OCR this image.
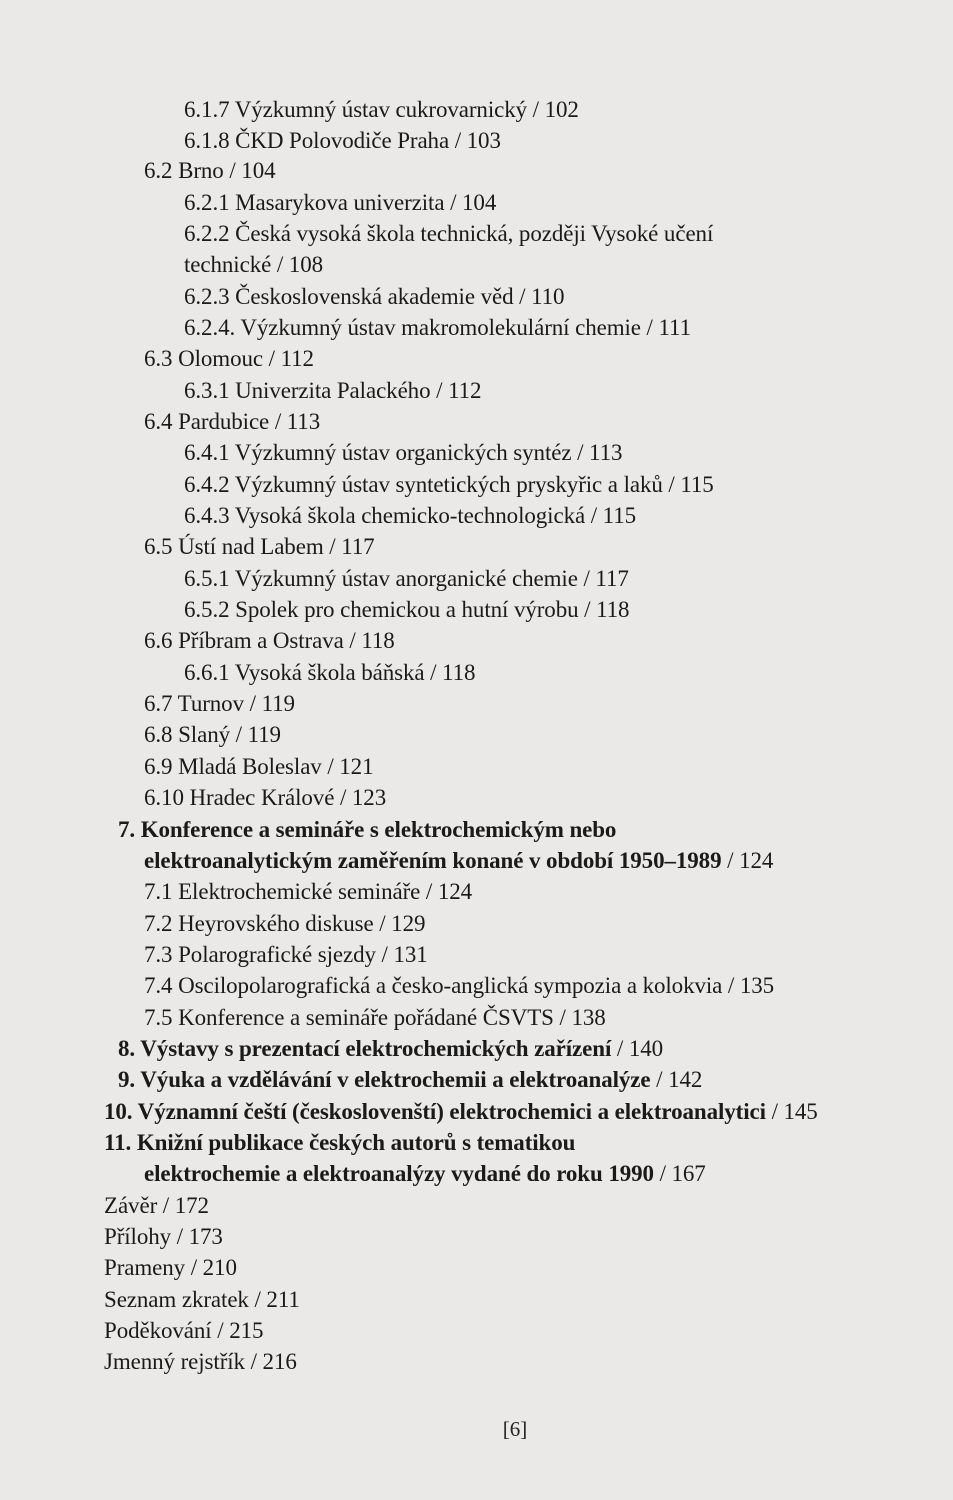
6.1.7 Výzkumný ústav cukrovarnický / 102
6.1.8 ČKD Polovodiče Praha / 103
6.2 Brno / 104
6.2.1 Masarykova univerzita / 104
6.2.2 Česká vysoká škola technická, později Vysoké učení
technické / 108
6.2.3 Československá akademie věd / 110
6.2.4. Výzkumný ústav makromolekulární chemie / 111
6.3 Olomouc / 112
6.3.1 Univerzita Palackého / 112
6.4 Pardubice / 113
6.4.1 Výzkumný ústav organických syntéz / 113
6.4.2 Výzkumný ústav syntetických pryskyřic a laků / 115
6.4.3 Vysoká škola chemicko-technologická / 115
6.5 Ústí nad Labem / 117
6.5.1 Výzkumný ústav anorganické chemie / 117
6.5.2 Spolek pro chemickou a hutní výrobu / 118
6.6 Příbram a Ostrava / 118
6.6.1 Vysoká škola báňská / 118
6.7 Turnov / 119
6.8 Slaný / 119
6.9 Mladá Boleslav / 121
6.10 Hradec Králové / 123
7. Konference a semináře s elektrochemickým nebo
elektroanalytickým zaměřením konané v období 1950–1989 / 124
7.1 Elektrochemické semináře / 124
7.2 Heyrovského diskuse / 129
7.3 Polarografické sjezdy / 131
7.4 Oscilopolarografická a česko-anglická sympozia a kolokvia / 135
7.5 Konference a semináře pořádané ČSVTS / 138
8. Výstavy s prezentací elektrochemických zařízení / 140
9. Výuka a vzdělávání v elektrochemii a elektroanalýze / 142
10. Významní čeští (českoslovenští) elektrochemici a elektroanalytici / 145
11. Knižní publikace českých autorů s tematikou
elektrochemie a elektroanalýzy vydané do roku 1990 / 167
Závěr / 172
Přílohy / 173
Prameny / 210
Seznam zkratek / 211
Poděkování / 215
Jmenný rejstřík / 216
[6]
